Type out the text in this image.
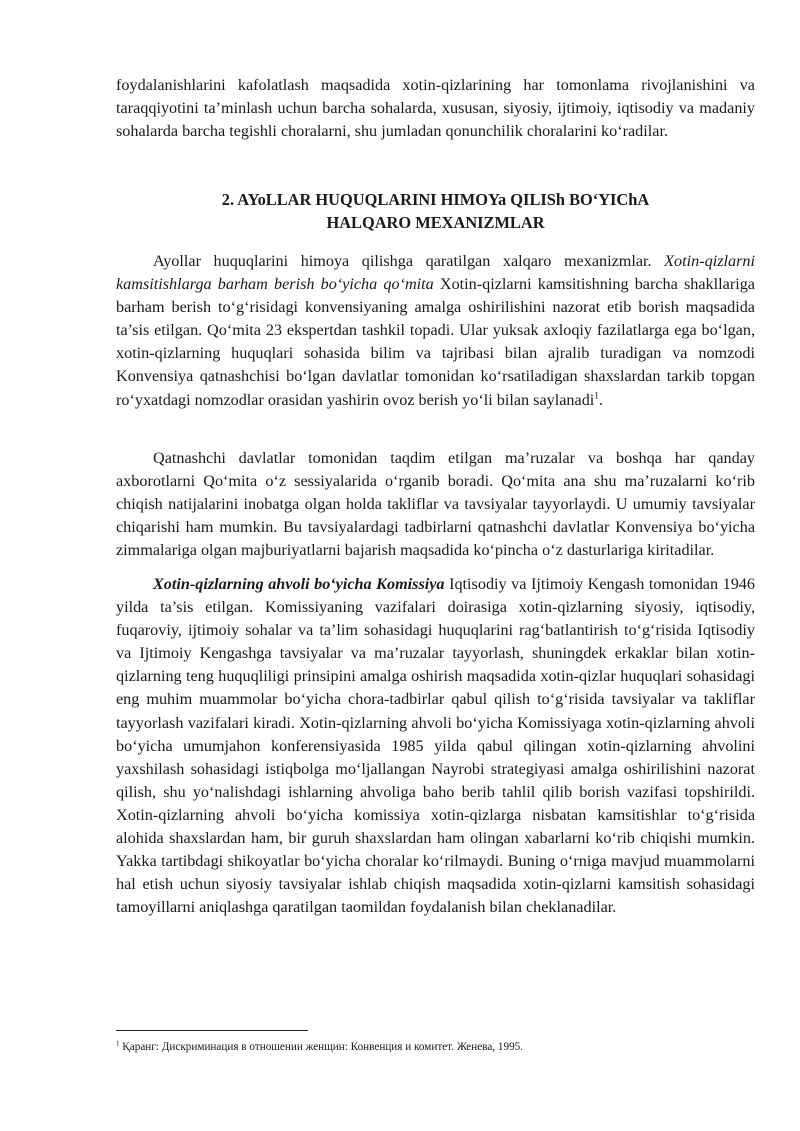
foydalanishlarini kafolatlash maqsadida xotin-qizlarining har tomonlama rivojlanishini va taraqqiyotini ta’minlash uchun barcha sohalarda, xususan, siyosiy, ijtimoiy, iqtisodiy va madaniy sohalarda barcha tegishli choralarni, shu jumladan qonunchilik choralarini ko‘radilar.

2. AYoLLAR HUQUQLARINI HIMOYa QILISh BO‘YIChA
HALQARO MEXANIZMLAR

Ayollar huquqlarini himoya qilishga qaratilgan xalqaro mexanizmlar. Xotin-qizlarni kamsitishlarga barham berish bo‘yicha qo‘mita Xotin-qizlarni kamsitishning barcha shakllariga barham berish to‘g‘risidagi konvensiyaning amalga oshirilishini nazorat etib borish maqsadida ta’sis etilgan. Qo‘mita 23 ekspertdan tashkil topadi. Ular yuksak axloqiy fazilatlarga ega bo‘lgan, xotin-qizlarning huquqlari sohasida bilim va tajribasi bilan ajralib turadigan va nomzodi Konvensiya qatnashchisi bo‘lgan davlatlar tomonidan ko‘rsatiladigan shaxslardan tarkib topgan ro‘yxatdagi nomzodlar orasidan yashirin ovoz berish yo‘li bilan saylanadi$^1$.

Qatnashchi davlatlar tomonidan taqdim etilgan ma’ruzalar va boshqa har qanday axborotlarni Qo‘mita o‘z sessiyalarida o‘rganib boradi. Qo‘mita ana shu ma’ruzalarni ko‘rib chiqish natijalarini inobatga olgan holda takliflar va tavsiyalar tayyorlaydi. U umumiy tavsiyalar chiqarishi ham mumkin. Bu tavsiyalardagi tadbirlarni qatnashchi davlatlar Konvensiya bo‘yicha zimmalariga olgan majburiyatlarni bajarish maqsadida ko‘pincha o‘z dasturlariga kiritadilar.

Xotin-qizlarning ahvoli bo‘yicha Komissiya Iqtisodiy va Ijtimoiy Kengash tomonidan 1946 yilda ta’sis etilgan. Komissiyaning vazifalari doirasiga xotin-qizlarning siyosiy, iqtisodiy, fuqaroviy, ijtimoiy sohalar va ta’lim sohasidagi huquqlarini rag‘batlantirish to‘g‘risida Iqtisodiy va Ijtimoiy Kengashga tavsiyalar va ma’ruzalar tayyorlash, shuningdek erkaklar bilan xotin-qizlarning teng huquqliligi prinsipini amalga oshirish maqsadida xotin-qizlar huquqlari sohasidagi eng muhim muammolar bo‘yicha chora-tadbirlar qabul qilish to‘g‘risida tavsiyalar va takliflar tayyorlash vazifalari kiradi. Xotin-qizlarning ahvoli bo‘yicha Komissiyaga xotin-qizlarning ahvoli bo‘yicha umumjahon konferensiyasida 1985 yilda qabul qilingan xotin-qizlarning ahvolini yaxshilash sohasidagi istiqbolga mo‘ljallangan Nayrobi strategiyasi amalga oshirilishini nazorat qilish, shu yo‘nalishdagi ishlarning ahvoliga baho berib tahlil qilib borish vazifasi topshirildi. Xotin-qizlarning ahvoli bo‘yicha komissiya xotin-qizlarga nisbatan kamsitishlar to‘g‘risida alohida shaxslardan ham, bir guruh shaxslardan ham olingan xabarlarni ko‘rib chiqishi mumkin. Yakka tartibdagi shikoyatlar bo‘yicha choralar ko‘rilmaydi. Buning o‘rniga mavjud muammolarni hal etish uchun siyosiy tavsiyalar ishlab chiqish maqsadida xotin-qizlarni kamsitish sohasidagi tamoyillarni aniqlashga qaratilgan taomildan foydalanish bilan cheklanadilar.

$^1$ Қаранг: Дискриминация в отношении женщин: Конвенция и комитет. Женева, 1995.
